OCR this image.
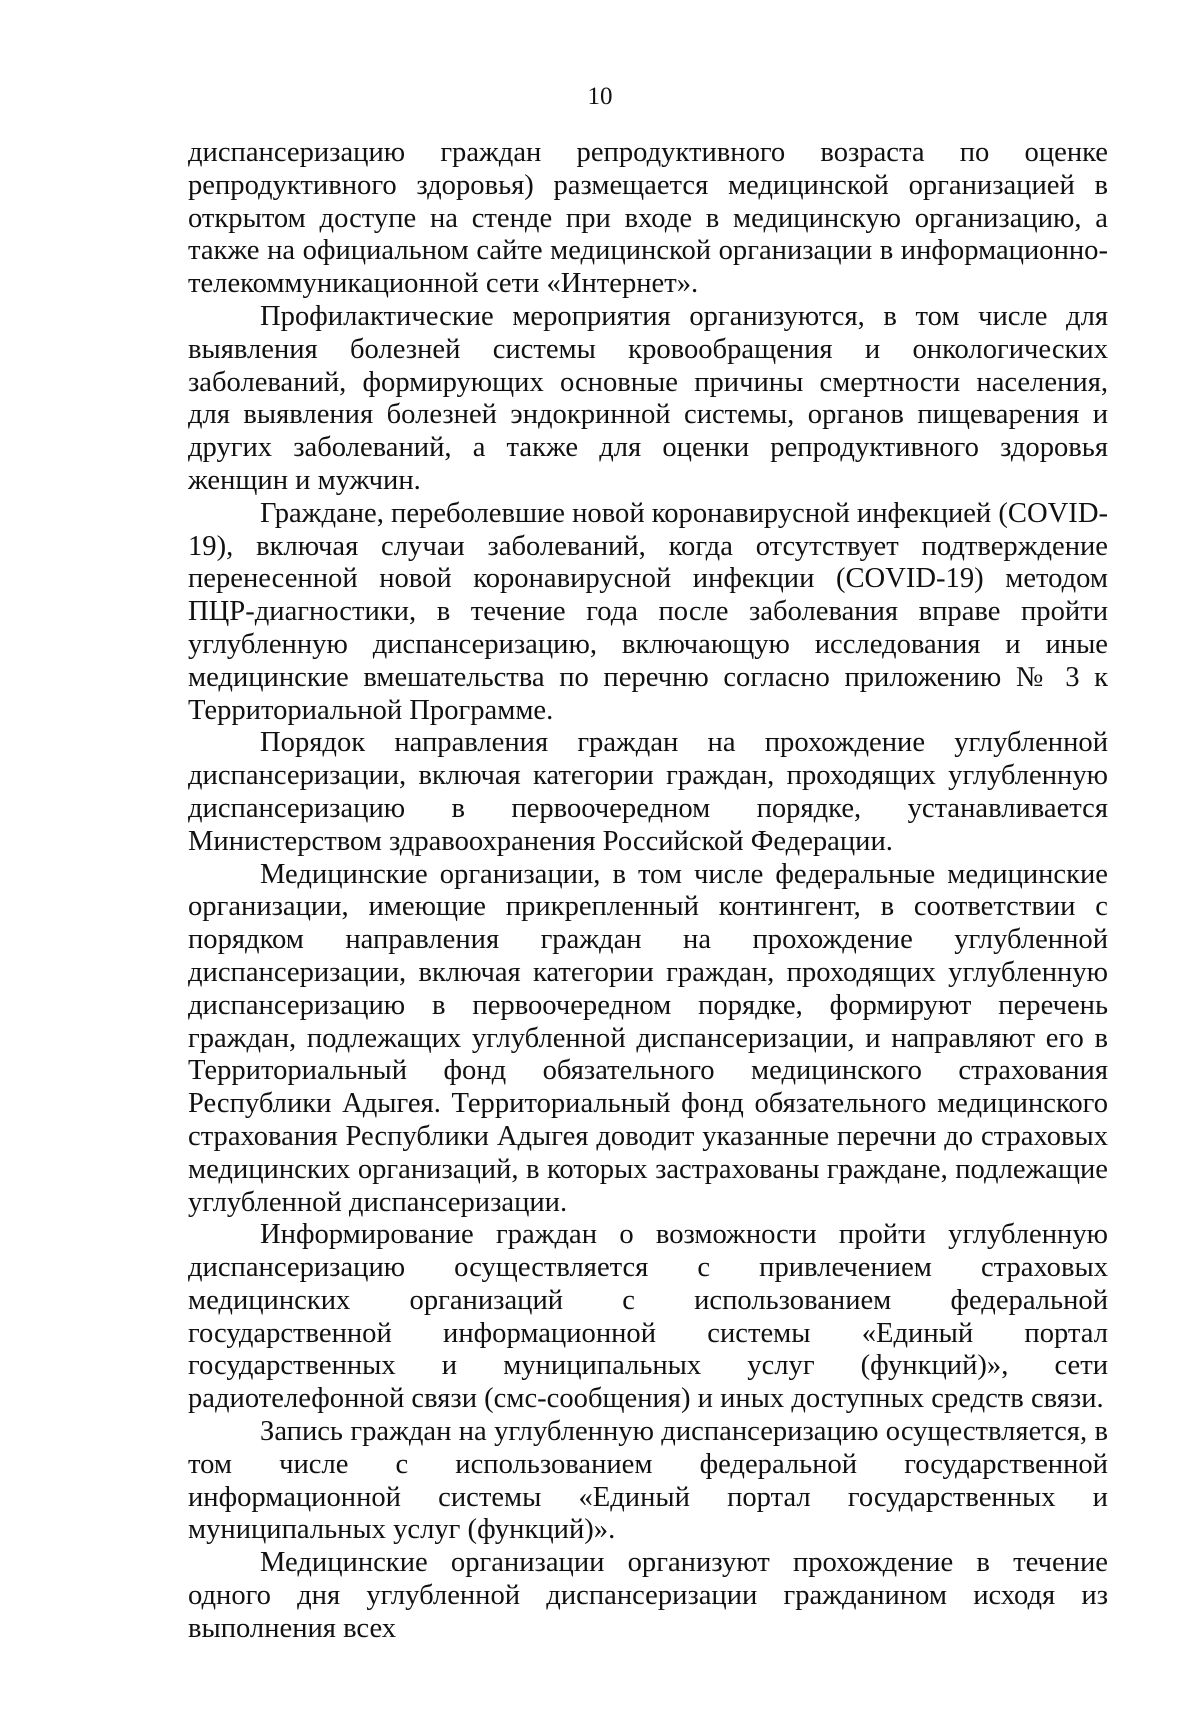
10

диспансеризацию граждан репродуктивного возраста по оценке репродуктивного здоровья) размещается медицинской организацией в открытом доступе на стенде при входе в медицинскую организацию, а также на официальном сайте медицинской организации в информационно-телекоммуникационной сети «Интернет».

Профилактические мероприятия организуются, в том числе для выявления болезней системы кровообращения и онкологических заболеваний, формирующих основные причины смертности населения, для выявления болезней эндокринной системы, органов пищеварения и других заболеваний, а также для оценки репродуктивного здоровья женщин и мужчин.

Граждане, переболевшие новой коронавирусной инфекцией (COVID-19), включая случаи заболеваний, когда отсутствует подтверждение перенесенной новой коронавирусной инфекции (COVID-19) методом ПЦР-диагностики, в течение года после заболевания вправе пройти углубленную диспансеризацию, включающую исследования и иные медицинские вмешательства по перечню согласно приложению № 3 к Территориальной Программе.

Порядок направления граждан на прохождение углубленной диспансеризации, включая категории граждан, проходящих углубленную диспансеризацию в первоочередном порядке, устанавливается Министерством здравоохранения Российской Федерации.

Медицинские организации, в том числе федеральные медицинские организации, имеющие прикрепленный контингент, в соответствии с порядком направления граждан на прохождение углубленной диспансеризации, включая категории граждан, проходящих углубленную диспансеризацию в первоочередном порядке, формируют перечень граждан, подлежащих углубленной диспансеризации, и направляют его в Территориальный фонд обязательного медицинского страхования Республики Адыгея. Территориальный фонд обязательного медицинского страхования Республики Адыгея доводит указанные перечни до страховых медицинских организаций, в которых застрахованы граждане, подлежащие углубленной диспансеризации.

Информирование граждан о возможности пройти углубленную диспансеризацию осуществляется с привлечением страховых медицинских организаций с использованием федеральной государственной информационной системы «Единый портал государственных и муниципальных услуг (функций)», сети радиотелефонной связи (смс-сообщения) и иных доступных средств связи.

Запись граждан на углубленную диспансеризацию осуществляется, в том числе с использованием федеральной государственной информационной системы «Единый портал государственных и муниципальных услуг (функций)».

Медицинские организации организуют прохождение в течение одного дня углубленной диспансеризации гражданином исходя из выполнения всех
